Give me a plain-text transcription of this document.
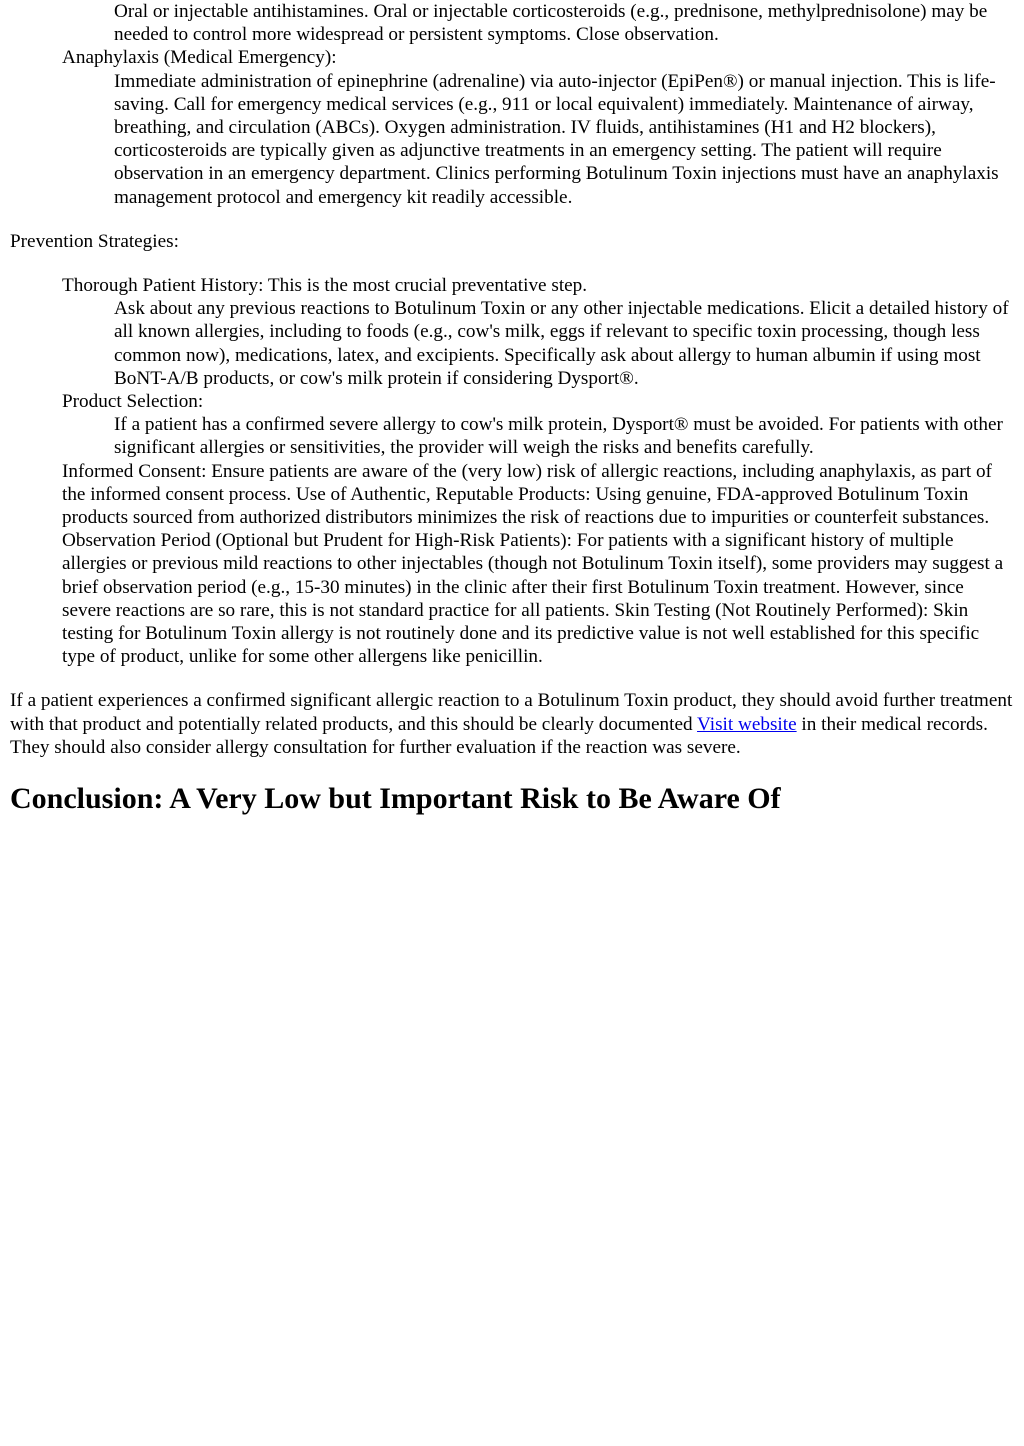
Oral or injectable antihistamines. Oral or injectable corticosteroids (e.g., prednisone, methylprednisolone) may be needed to control more widespread or persistent symptoms. Close observation.

Anaphylaxis (Medical Emergency):

Immediate administration of epinephrine (adrenaline) via auto-injector (EpiPen®) or manual injection. This is life-saving. Call for emergency medical services (e.g., 911 or local equivalent) immediately. Maintenance of airway, breathing, and circulation (ABCs). Oxygen administration. IV fluids, antihistamines (H1 and H2 blockers), corticosteroids are typically given as adjunctive treatments in an emergency setting. The patient will require observation in an emergency department. Clinics performing Botulinum Toxin injections must have an anaphylaxis management protocol and emergency kit readily accessible.

Prevention Strategies:

Thorough Patient History: This is the most crucial preventative step.

Ask about any previous reactions to Botulinum Toxin or any other injectable medications. Elicit a detailed history of all known allergies, including to foods (e.g., cow's milk, eggs if relevant to specific toxin processing, though less common now), medications, latex, and excipients. Specifically ask about allergy to human albumin if using most BoNT-A/B products, or cow's milk protein if considering Dysport®.

Product Selection:

If a patient has a confirmed severe allergy to cow's milk protein, Dysport® must be avoided. For patients with other significant allergies or sensitivities, the provider will weigh the risks and benefits carefully.

Informed Consent: Ensure patients are aware of the (very low) risk of allergic reactions, including anaphylaxis, as part of the informed consent process. Use of Authentic, Reputable Products: Using genuine, FDA-approved Botulinum Toxin products sourced from authorized distributors minimizes the risk of reactions due to impurities or counterfeit substances. Observation Period (Optional but Prudent for High-Risk Patients): For patients with a significant history of multiple allergies or previous mild reactions to other injectables (though not Botulinum Toxin itself), some providers may suggest a brief observation period (e.g., 15-30 minutes) in the clinic after their first Botulinum Toxin treatment. However, since severe reactions are so rare, this is not standard practice for all patients. Skin Testing (Not Routinely Performed): Skin testing for Botulinum Toxin allergy is not routinely done and its predictive value is not well established for this specific type of product, unlike for some other allergens like penicillin.

If a patient experiences a confirmed significant allergic reaction to a Botulinum Toxin product, they should avoid further treatment with that product and potentially related products, and this should be clearly documented Visit website in their medical records. They should also consider allergy consultation for further evaluation if the reaction was severe.

Conclusion: A Very Low but Important Risk to Be Aware Of
